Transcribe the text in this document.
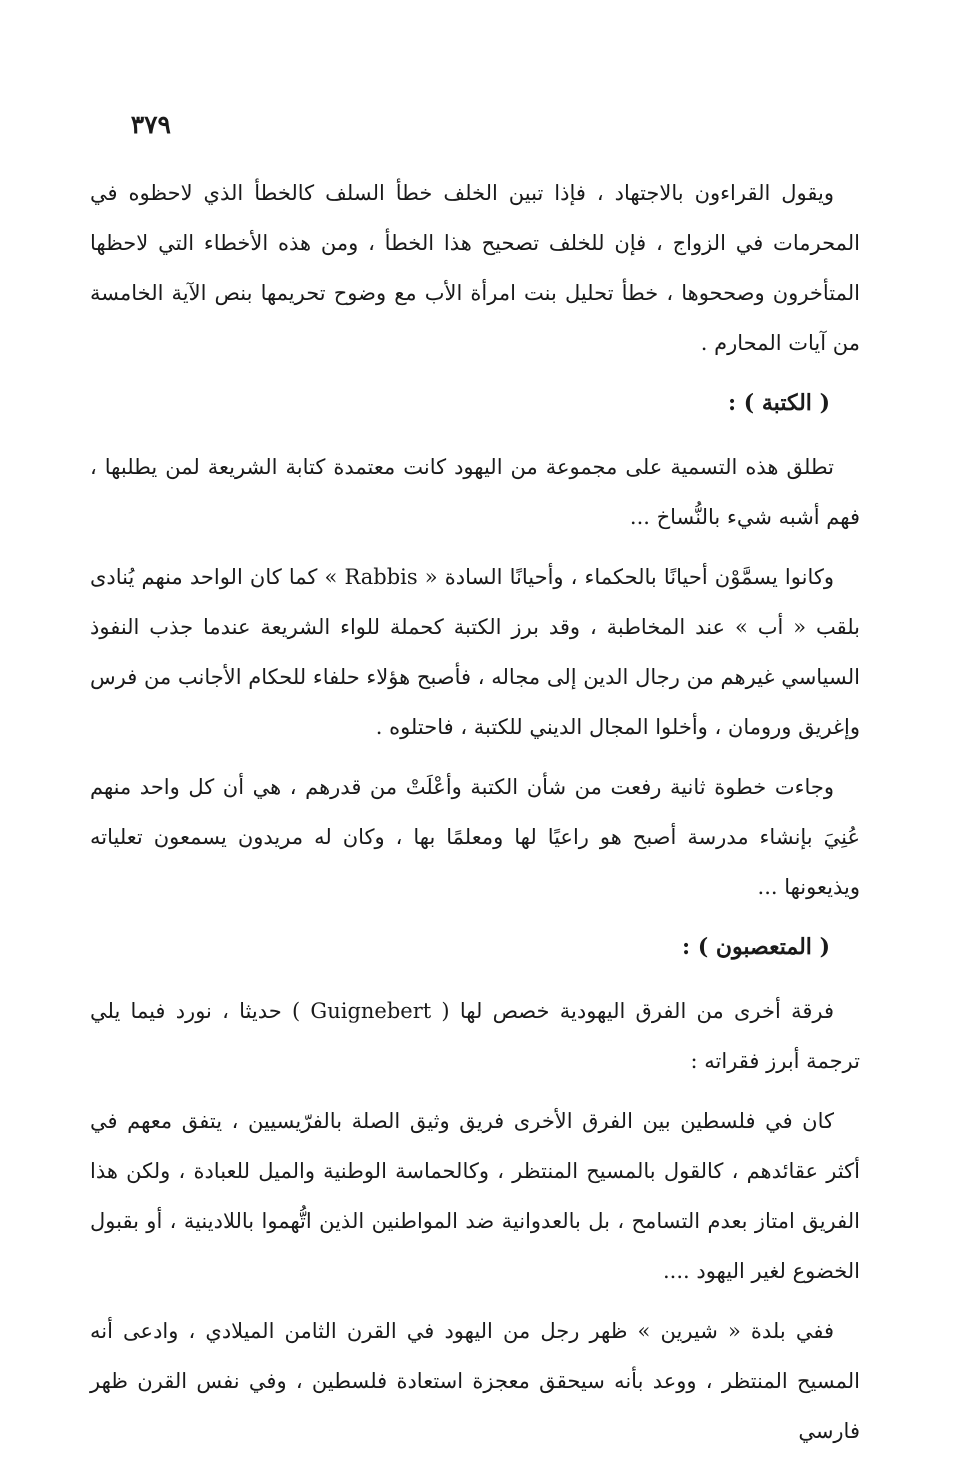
٣٧٩

ويقول القراءون بالاجتهاد ، فإذا تبين الخلف خطأ السلف كالخطأ الذي لاحظوه في المحرمات في الزواج ، فإن للخلف تصحيح هذا الخطأ ، ومن هذه الأخطاء التي لاحظها المتأخرون وصححوها ، خطأ تحليل بنت امرأة الأب مع وضوح تحريمها بنص الآية الخامسة من آيات المحارم .

( الكتبة ) :

تطلق هذه التسمية على مجموعة من اليهود كانت معتمدة كتابة الشريعة لمن يطلبها ، فهم أشبه شيء بالنُّساخ ...

وكانوا يسمَّوْن أحيانًا بالحكماء ، وأحيانًا السادة « Rabbis » كما كان الواحد منهم يُنادى بلقب « أب » عند المخاطبة ، وقد برز الكتبة كحملة للواء الشريعة عندما جذب النفوذ السياسي غيرهم من رجال الدين إلى مجاله ، فأصبح هؤلاء حلفاء للحكام الأجانب من فرس وإغريق ورومان ، وأخلوا المجال الديني للكتبة ، فاحتلوه .

وجاءت خطوة ثانية رفعت من شأن الكتبة وأعْلَتْ من قدرهم ، هي أن كل واحد منهم عُنِيَ بإنشاء مدرسة أصبح هو راعيًا لها ومعلمًا بها ، وكان له مريدون يسمعون تعلياته ويذيعونها ...

( المتعصبون ) :

فرقة أخرى من الفرق اليهودية خصص لها ( Guignebert ) حديثا ، نورد فيما يلي ترجمة أبرز فقراته :

كان في فلسطين بين الفرق الأخرى فريق وثيق الصلة بالفرّيسيين ، يتفق معهم في أكثر عقائدهم ، كالقول بالمسيح المنتظر ، وكالحماسة الوطنية والميل للعبادة ، ولكن هذا الفريق امتاز بعدم التسامح ، بل بالعدوانية ضد المواطنين الذين اتُّهموا باللادينية ، أو بقبول الخضوع لغير اليهود ....

ففي بلدة « شيرين » ظهر رجل من اليهود في القرن الثامن الميلادي ، وادعى أنه المسيح المنتظر ، ووعد بأنه سيحقق معجزة استعادة فلسطين ، وفي نفس القرن ظهر فارسي
